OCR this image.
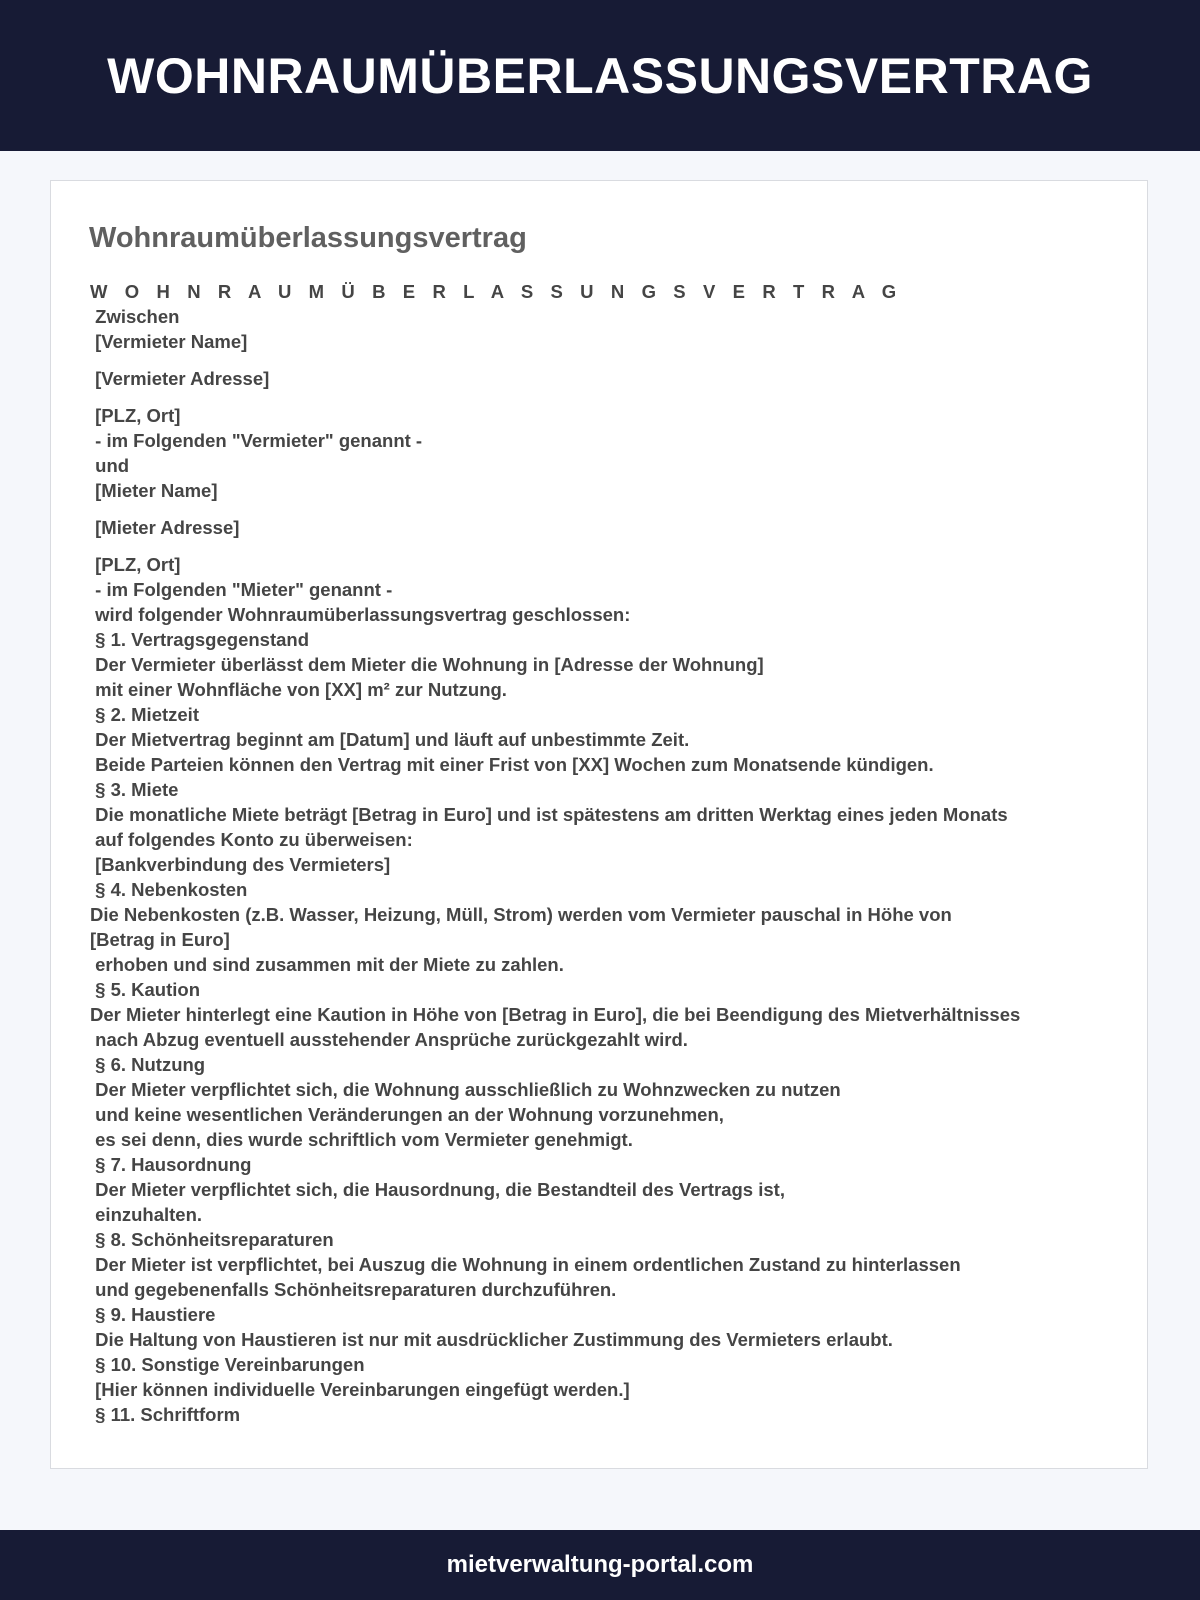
WOHNRAUMÜBERLASSUNGSVERTRAG
Wohnraumüberlassungsvertrag
W O H N R A U M Ü B E R L A S S U N G S V E R T R A G
Zwischen
[Vermieter Name]
[Vermieter Adresse]
[PLZ, Ort]
- im Folgenden "Vermieter" genannt -
und
[Mieter Name]
[Mieter Adresse]
[PLZ, Ort]
- im Folgenden "Mieter" genannt -
wird folgender Wohnraumüberlassungsvertrag geschlossen:
§ 1. Vertragsgegenstand
Der Vermieter überlässt dem Mieter die Wohnung in [Adresse der Wohnung]
mit einer Wohnfläche von [XX] m² zur Nutzung.
§ 2. Mietzeit
Der Mietvertrag beginnt am [Datum] und läuft auf unbestimmte Zeit.
Beide Parteien können den Vertrag mit einer Frist von [XX] Wochen zum Monatsende kündigen.
§ 3. Miete
Die monatliche Miete beträgt [Betrag in Euro] und ist spätestens am dritten Werktag eines jeden Monats
auf folgendes Konto zu überweisen:
[Bankverbindung des Vermieters]
§ 4. Nebenkosten
Die Nebenkosten (z.B. Wasser, Heizung, Müll, Strom) werden vom Vermieter pauschal in Höhe von
[Betrag in Euro]
erhoben und sind zusammen mit der Miete zu zahlen.
§ 5. Kaution
Der Mieter hinterlegt eine Kaution in Höhe von [Betrag in Euro], die bei Beendigung des Mietverhältnisses
nach Abzug eventuell ausstehender Ansprüche zurückgezahlt wird.
§ 6. Nutzung
Der Mieter verpflichtet sich, die Wohnung ausschließlich zu Wohnzwecken zu nutzen
und keine wesentlichen Veränderungen an der Wohnung vorzunehmen,
es sei denn, dies wurde schriftlich vom Vermieter genehmigt.
§ 7. Hausordnung
Der Mieter verpflichtet sich, die Hausordnung, die Bestandteil des Vertrags ist,
einzuhalten.
§ 8. Schönheitsreparaturen
Der Mieter ist verpflichtet, bei Auszug die Wohnung in einem ordentlichen Zustand zu hinterlassen
und gegebenenfalls Schönheitsreparaturen durchzuführen.
§ 9. Haustiere
Die Haltung von Haustieren ist nur mit ausdrücklicher Zustimmung des Vermieters erlaubt.
§ 10. Sonstige Vereinbarungen
[Hier können individuelle Vereinbarungen eingefügt werden.]
§ 11. Schriftform
mietverwaltung-portal.com
